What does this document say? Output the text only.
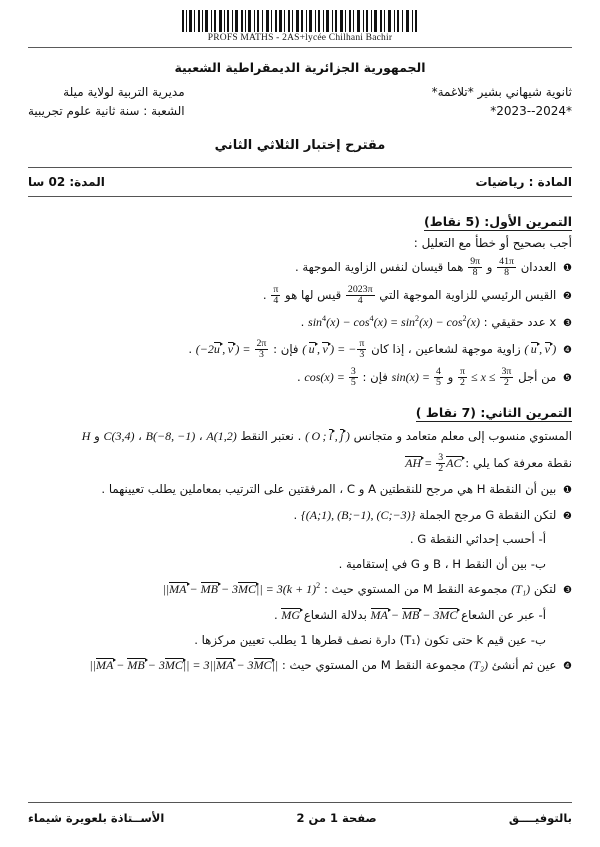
PROFS MATHS - 2AS+lycée Chilhani Bachir
الجمهورية الجزائرية الديمقراطية الشعبية
ثانوية شيهاني بشير *تلاغمة*
*2023--2024*
مديرية التربية لولاية ميلة
الشعبة : سنة ثانية علوم تجريبية
مقترح إختبار الثلاثي الثاني
المادة : رياضيات
المدة: 02 سا
التمرين الأول: (5 نقاط)
أجب بصحيح أو خطأ مع التعليل :
❶ العددان
$\frac{41\pi}{8}$
و
$\frac{9\pi}{8}$
هما قيسان لنفس الزاوية الموجهة .
❷ القيس الرئيسي للزاوية الموجهة التي
$\frac{2023\pi}{4}$
قيس لها هو
$\frac{\pi}{4}$
.
❸ x عدد حقيقي : $\sin^4(x) - \cos^4(x) = \sin^2(x) - \cos^2(x)$ .
❹ ( u , v ) زاوية موجهة لشعاعين ، إذا كان ( u , v ) = − $\frac{\pi}{3}$
فإن : (−2u , v ) = $\frac{2\pi}{3}$
.
❺ من أجل
$\frac{\pi}{2} \le x \le \frac{3\pi}{2}$
و $\sin(x) = \frac{4}{5}$
فإن : $\cos(x) = \frac{3}{5}$
.
التمرين الثاني: (7 نقاط )
المستوي منسوب إلى معلم متعامد و متجانس ( O ; i , j ) . نعتبر النقط A(1,2) ، B(−8, −1) ، C(3,4) و H
نقطة معرفة كما يلي : AH = $\frac{3}{2}$ AC
❶ بين أن النقطة H هي مرجح للنقطتين A و C ، المرفقتين على الترتيب بمعاملين يطلب تعيينهما .
❷ لتكن النقطة G مرجح الجملة {(A;1), (B;−1), (C;−3)} .
أ- أحسب إحداثي النقطة G .
ب- بين أن النقط B ، H و G في إستقامية .
❸ لتكن (T₁) مجموعة النقط M من المستوي حيث : ||MA − MB − $3MC|| = 3(k + 1)^2$
أ- عبر عن الشعاع MA − MB − 3MC بدلالة الشعاع MG .
ب- عين قيم k حتى تكون (T₁) دارة نصف قطرها 1 يطلب تعيين مركزها .
❹ عين ثم أنشئ (T₂) مجموعة النقط M من المستوي حيث : ||MA − MB − 3MC|| = 3||MA − 3MC||
بالتوفيــــق
صفحة 1 من 2
الأســتاذة بلعويرة شيماء
